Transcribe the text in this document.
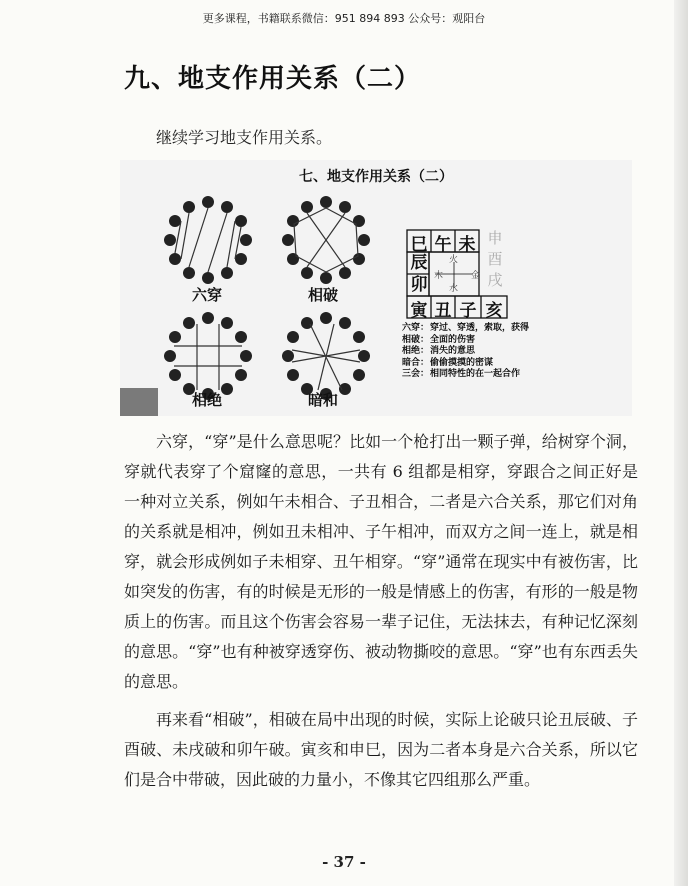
更多课程，书籍联系微信：951 894 893 公众号：观阳台
九、地支作用关系（二）
继续学习地支作用关系。
七、地支作用关系（二）
六穿	相破
相绝	暗和
巳 午 未 申
酉
戌
辰
卯
寅 丑 子 亥
火
木	金
水
六穿： 穿过、穿透，索取，获得
相破： 全面的伤害
相绝： 消失的意思
暗合： 偷偷摸摸的密谋
三会： 相同特性的在一起合作

六穿，“穿”是什么意思呢？比如一个枪打出一颗子弹，给树穿个洞，穿就代表穿了个窟窿的意思，一共有 6 组都是相穿，穿跟合之间正好是一种对立关系，例如午未相合、子丑相合，二者是六合关系，那它们对角的关系就是相冲，例如丑未相冲、子午相冲，而双方之间一连上，就是相穿，就会形成例如子未相穿、丑午相穿。“穿”通常在现实中有被伤害，比如突发的伤害，有的时候是无形的一般是情感上的伤害，有形的一般是物质上的伤害。而且这个伤害会容易一辈子记住，无法抹去，有种记忆深刻的意思。“穿”也有种被穿透穿伤、被动物撕咬的意思。“穿”也有东西丢失的意思。

再来看“相破”，相破在局中出现的时候，实际上论破只论丑辰破、子酉破、未戌破和卯午破。寅亥和申巳，因为二者本身是六合关系，所以它们是合中带破，因此破的力量小，不像其它四组那么严重。

- 37 -
